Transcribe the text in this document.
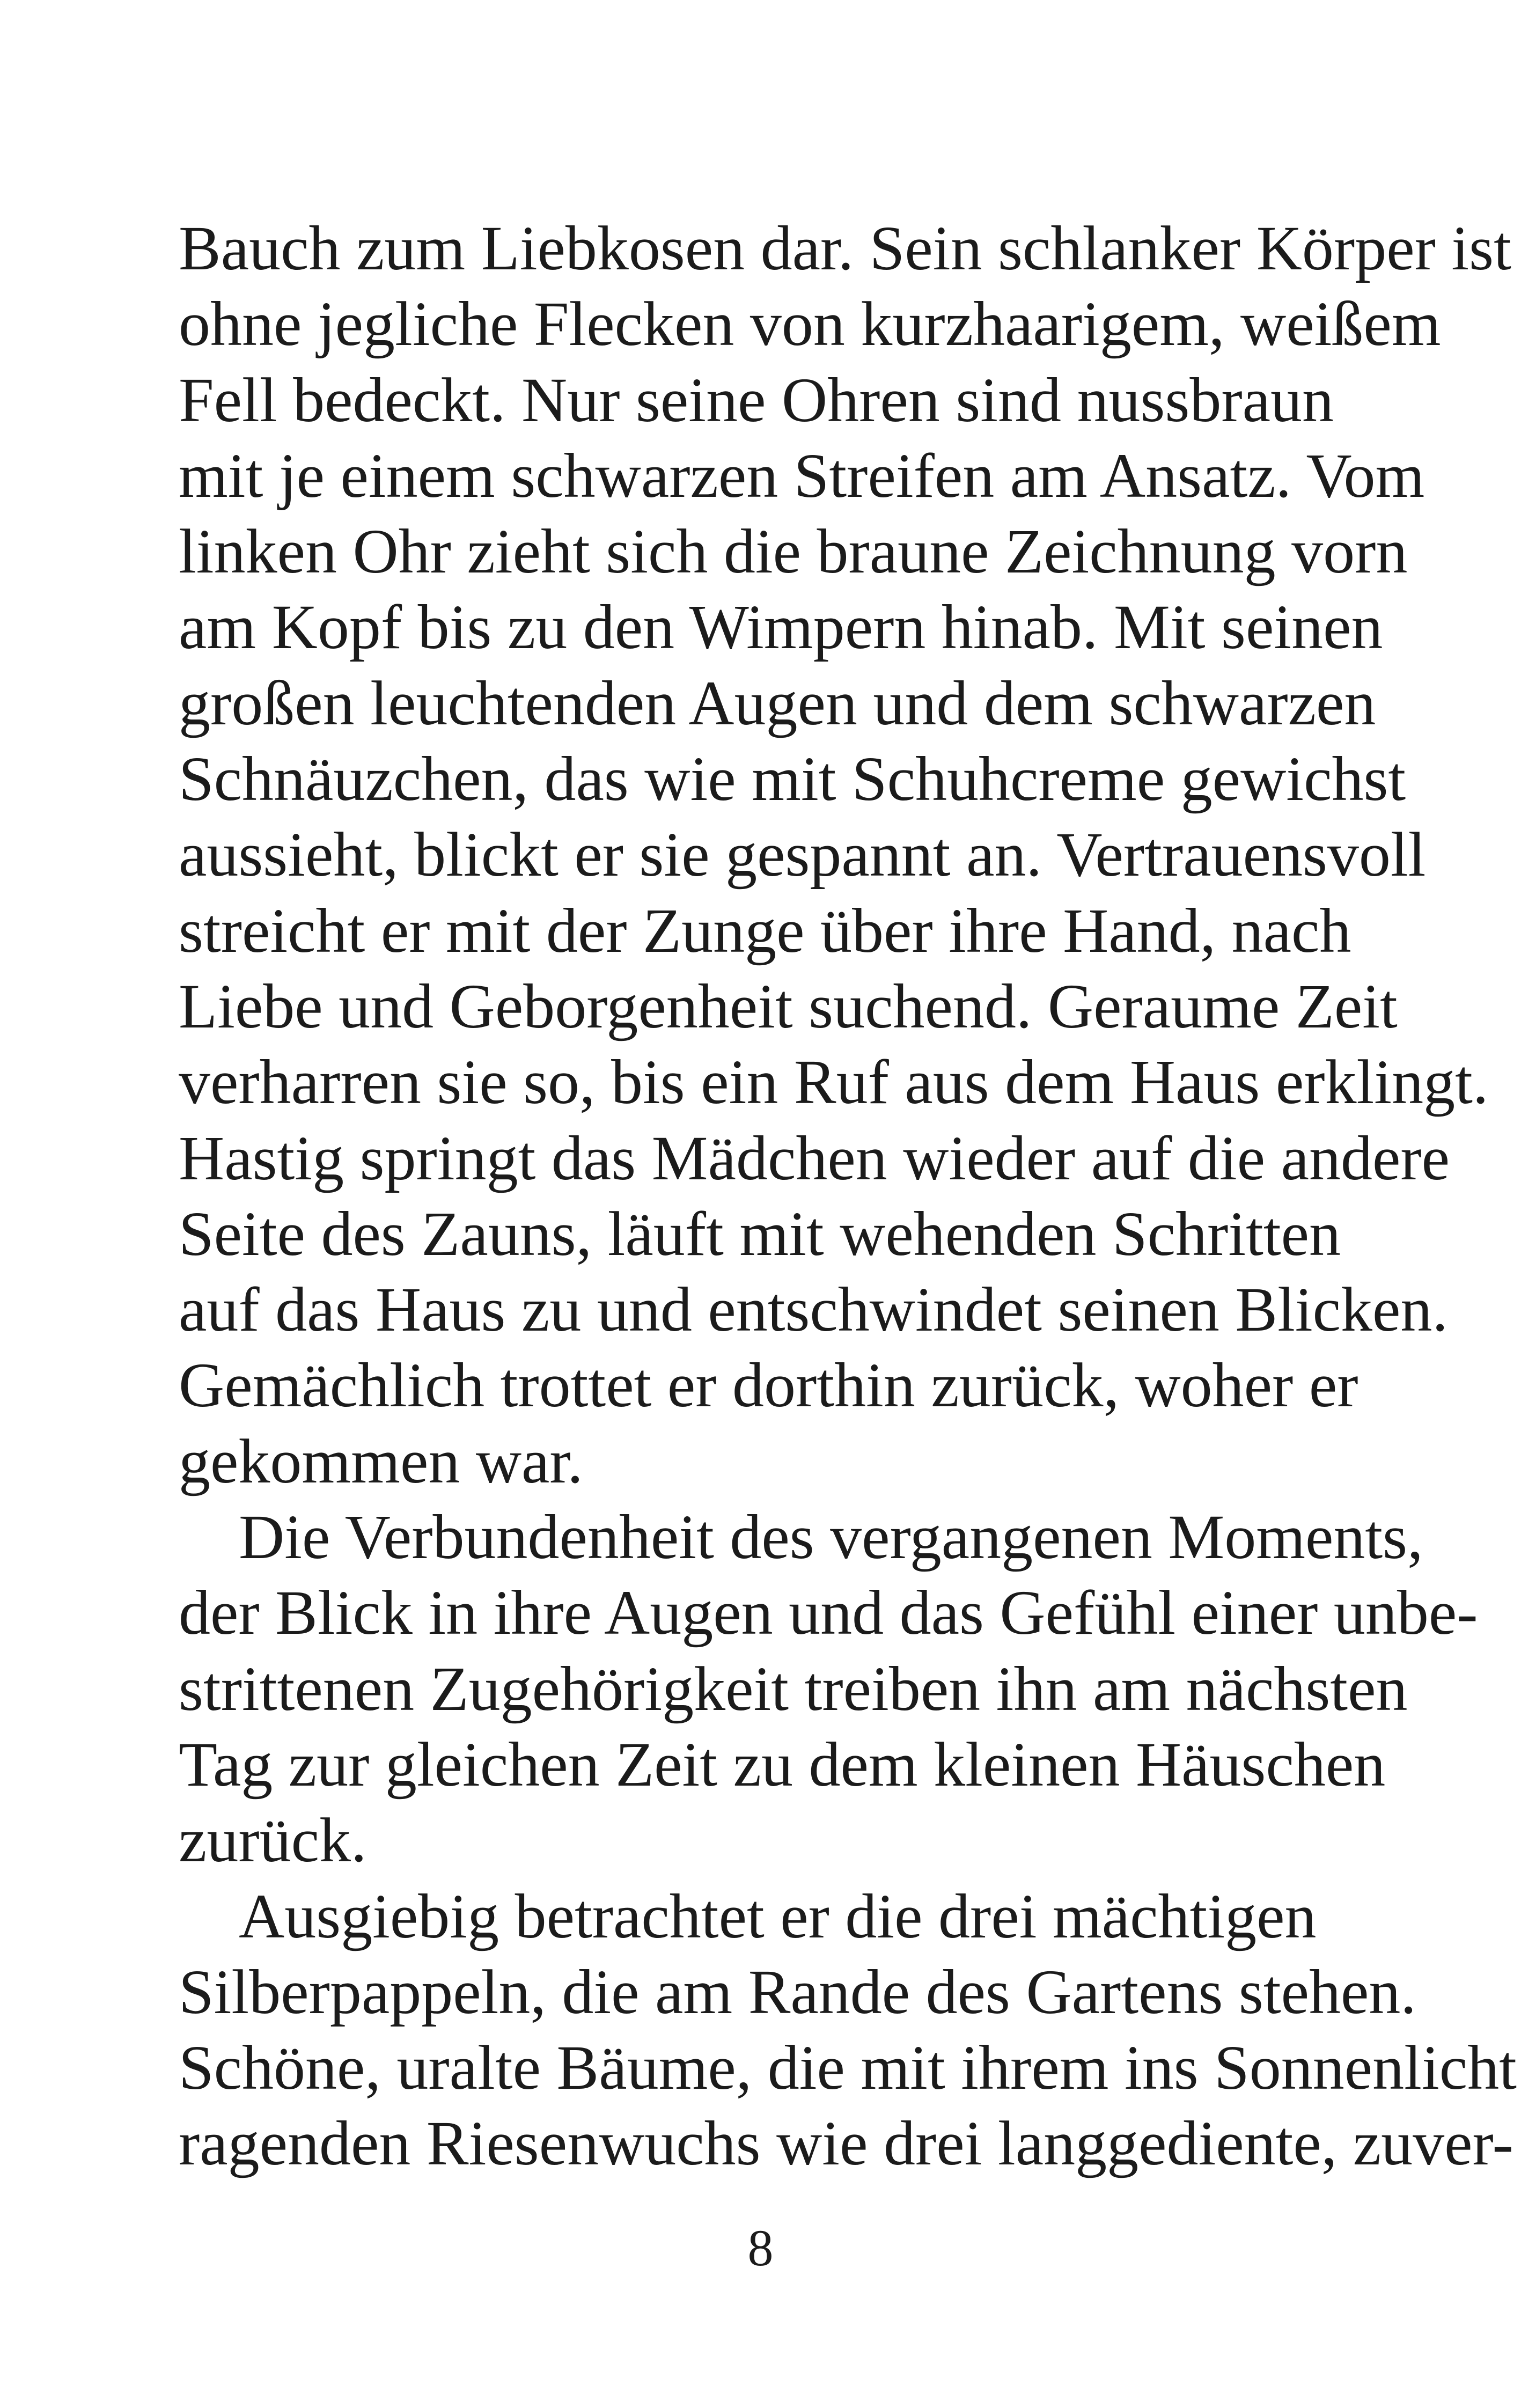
Bauch zum Liebkosen dar. Sein schlanker Körper ist
ohne jegliche Flecken von kurzhaarigem, weißem
Fell bedeckt. Nur seine Ohren sind nussbraun
mit je einem schwarzen Streifen am Ansatz. Vom
linken Ohr zieht sich die braune Zeichnung vorn
am Kopf bis zu den Wimpern hinab. Mit seinen
großen leuchtenden Augen und dem schwarzen
Schnäuzchen, das wie mit Schuhcreme gewichst
aussieht, blickt er sie gespannt an. Vertrauensvoll
streicht er mit der Zunge über ihre Hand, nach
Liebe und Geborgenheit suchend. Geraume Zeit
verharren sie so, bis ein Ruf aus dem Haus erklingt.
Hastig springt das Mädchen wieder auf die andere
Seite des Zauns, läuft mit wehenden Schritten
auf das Haus zu und entschwindet seinen Blicken.
Gemächlich trottet er dorthin zurück, woher er
gekommen war.
Die Verbundenheit des vergangenen Moments,
der Blick in ihre Augen und das Gefühl einer unbe-
strittenen Zugehörigkeit treiben ihn am nächsten
Tag zur gleichen Zeit zu dem kleinen Häuschen
zurück.
Ausgiebig betrachtet er die drei mächtigen
Silberpappeln, die am Rande des Gartens stehen.
Schöne, uralte Bäume, die mit ihrem ins Sonnenlicht
ragenden Riesenwuchs wie drei langgediente, zuver-
8
